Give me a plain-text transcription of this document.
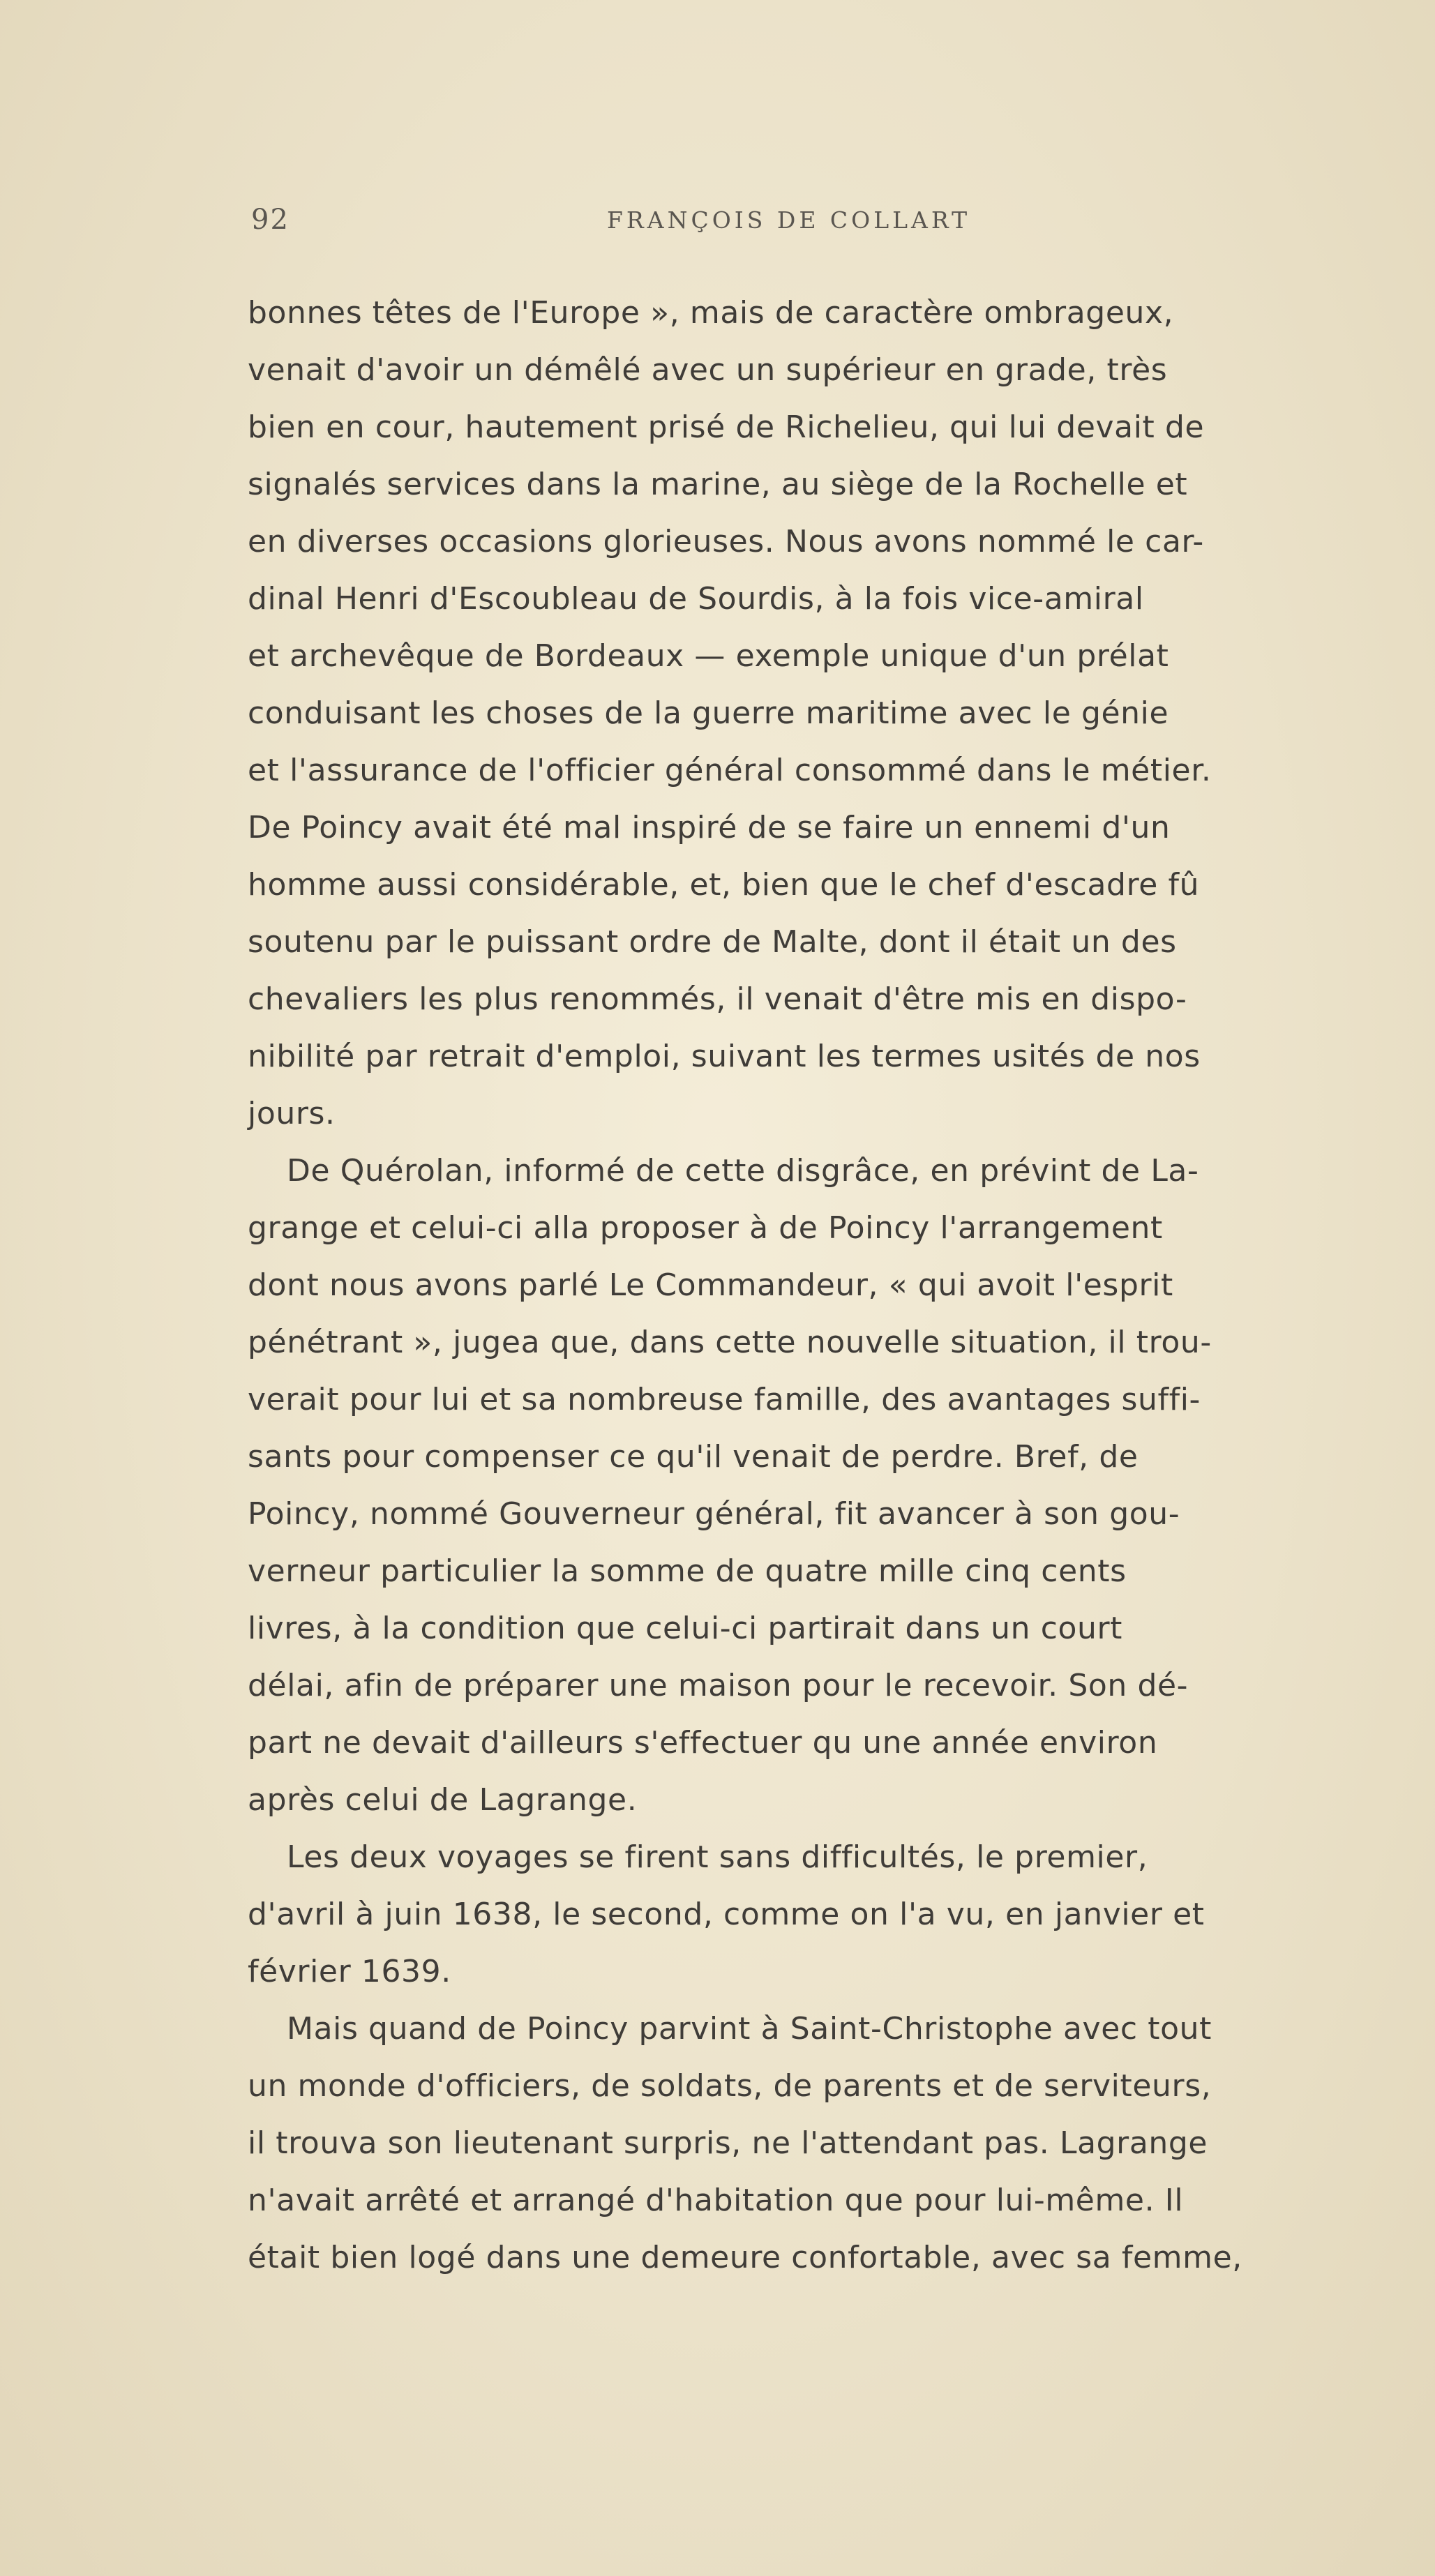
92	FRANÇOIS DE COLLART
bonnes têtes de l'Europe », mais de caractère ombrageux,
venait d'avoir un démêlé avec un supérieur en grade, très
bien en cour, hautement prisé de Richelieu, qui lui devait de
signalés services dans la marine, au siège de la Rochelle et
en diverses occasions glorieuses. Nous avons nommé le car-
dinal Henri d'Escoubleau de Sourdis, à la fois vice-amiral
et archevêque de Bordeaux — exemple unique d'un prélat
conduisant les choses de la guerre maritime avec le génie
et l'assurance de l'officier général consommé dans le métier.
De Poincy avait été mal inspiré de se faire un ennemi d'un
homme aussi considérable, et, bien que le chef d'escadre fû
soutenu par le puissant ordre de Malte, dont il était un des
chevaliers les plus renommés, il venait d'être mis en dispo-
nibilité par retrait d'emploi, suivant les termes usités de nos
jours.
De Quérolan, informé de cette disgrâce, en prévint de La-
grange et celui-ci alla proposer à de Poincy l'arrangement
dont nous avons parlé Le Commandeur, « qui avoit l'esprit
pénétrant », jugea que, dans cette nouvelle situation, il trou-
verait pour lui et sa nombreuse famille, des avantages suffi-
sants pour compenser ce qu'il venait de perdre. Bref, de
Poincy, nommé Gouverneur général, fit avancer à son gou-
verneur particulier la somme de quatre mille cinq cents
livres, à la condition que celui-ci partirait dans un court
délai, afin de préparer une maison pour le recevoir. Son dé-
part ne devait d'ailleurs s'effectuer qu une année environ
après celui de Lagrange.
Les deux voyages se firent sans difficultés, le premier,
d'avril à juin 1638, le second, comme on l'a vu, en janvier et
février 1639.
Mais quand de Poincy parvint à Saint-Christophe avec tout
un monde d'officiers, de soldats, de parents et de serviteurs,
il trouva son lieutenant surpris, ne l'attendant pas. Lagrange
n'avait arrêté et arrangé d'habitation que pour lui-même. Il
était bien logé dans une demeure confortable, avec sa femme,
